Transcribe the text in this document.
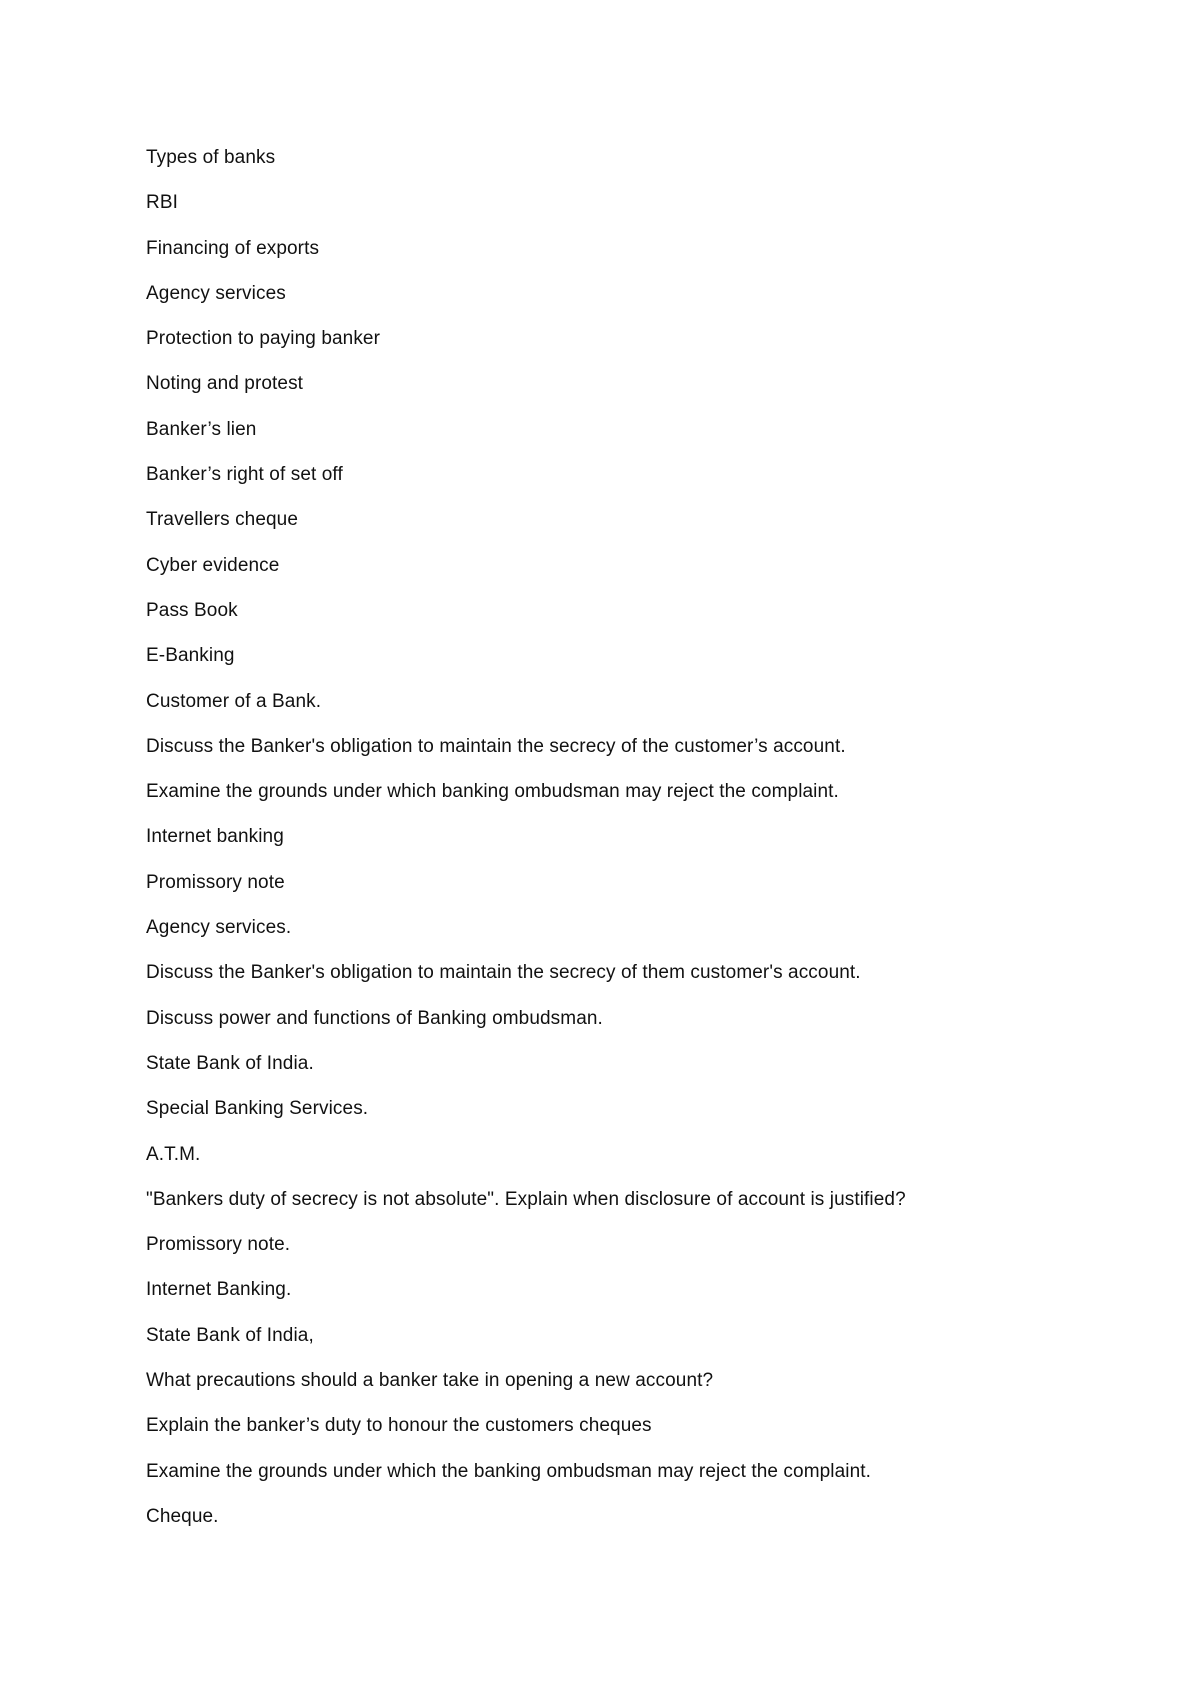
Types of banks
RBI
Financing of exports
Agency services
Protection to paying banker
Noting and protest
Banker’s lien
Banker’s right of set off
Travellers cheque
Cyber evidence
Pass Book
E-Banking
Customer of a Bank.
Discuss the Banker's obligation to maintain the secrecy of the customer’s account.
Examine the grounds under which banking ombudsman may reject the complaint.
Internet banking
Promissory note
Agency services.
Discuss the Banker's obligation to maintain the secrecy of them customer's account.
Discuss power and functions of Banking ombudsman.
State Bank of India.
Special Banking Services.
A.T.M.
"Bankers duty of secrecy is not absolute". Explain when disclosure of account is justified?
Promissory note.
Internet Banking.
State Bank of India,
What precautions should a banker take in opening a new account?
Explain the banker’s duty to honour the customers cheques
Examine the grounds under which the banking ombudsman may reject the complaint.
Cheque.
